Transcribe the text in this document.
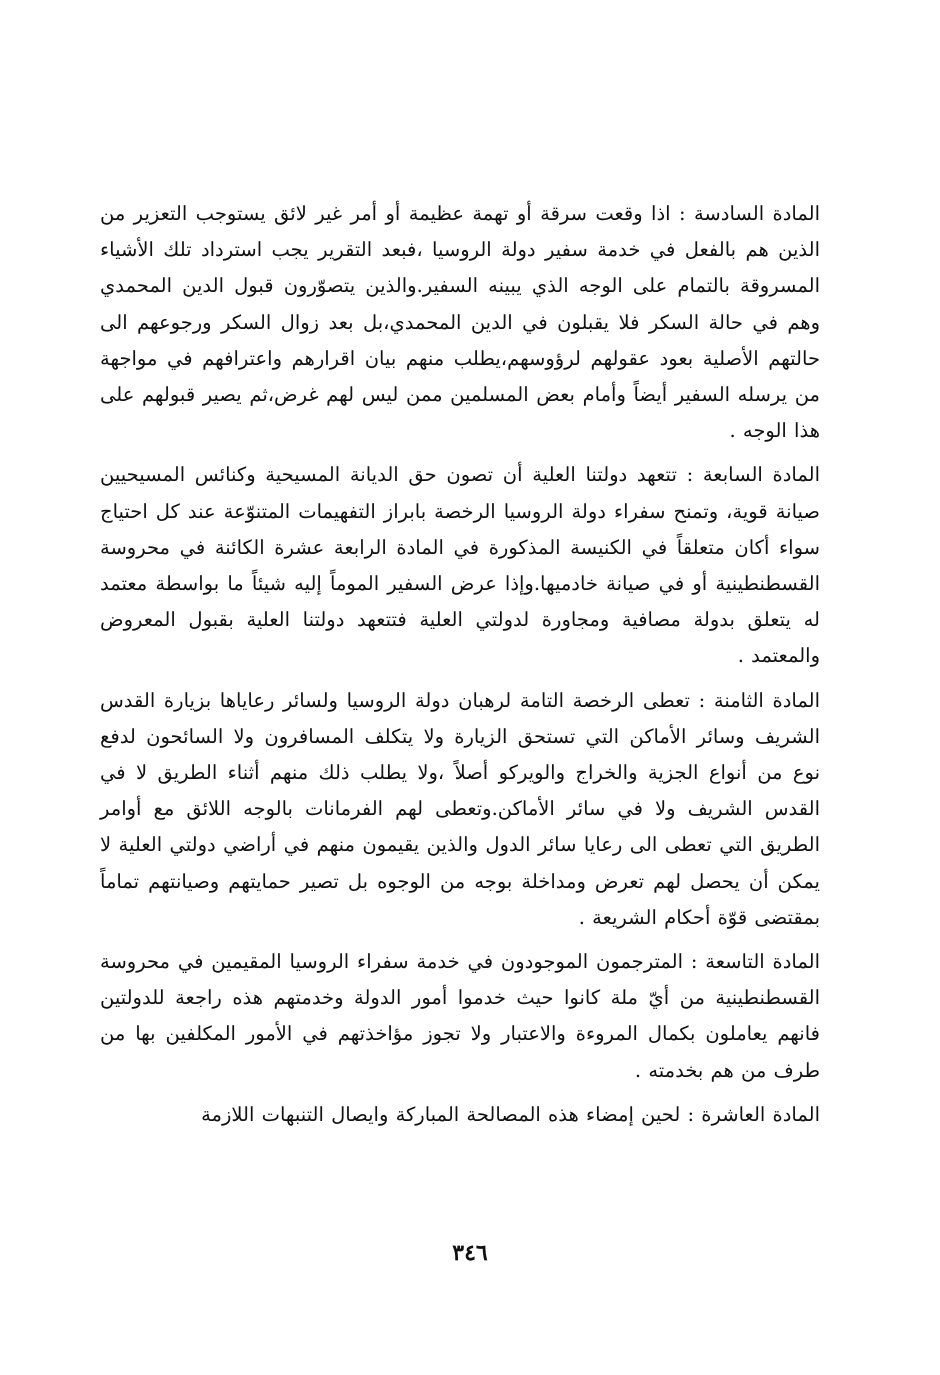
المادة السادسة : اذا وقعت سرقة أو تهمة عظيمة أو أمر غير لائق يستوجب التعزير من الذين هم بالفعل في خدمة سفير دولة الروسيا ،فبعد التقرير يجب استرداد تلك الأشياء المسروقة بالتمام على الوجه الذي يبينه السفير.والذين يتصوّرون قبول الدين المحمدي وهم في حالة السكر فلا يقبلون في الدين المحمدي،بل بعد زوال السكر ورجوعهم الى حالتهم الأصلية بعود عقولهم لرؤوسهم،يطلب منهم بيان اقرارهم واعترافهم في مواجهة من يرسله السفير أيضاً وأمام بعض المسلمين ممن ليس لهم غرض،ثم يصير قبولهم على هذا الوجه .

المادة السابعة : تتعهد دولتنا العلية أن تصون حق الديانة المسيحية وكنائس المسيحيين صيانة قوية، وتمنح سفراء دولة الروسيا الرخصة بابراز التفهيمات المتنوّعة عند كل احتياج سواء أكان متعلقاً في الكنيسة المذكورة في المادة الرابعة عشرة الكائنة في محروسة القسطنطينية أو في صيانة خادميها.وإذا عرض السفير الموماً إليه شيئاً ما بواسطة معتمد له يتعلق بدولة مصافية ومجاورة لدولتي العلية فتتعهد دولتنا العلية بقبول المعروض والمعتمد .

المادة الثامنة : تعطى الرخصة التامة لرهبان دولة الروسيا ولسائر رعاياها بزيارة القدس الشريف وسائر الأماكن التي تستحق الزيارة ولا يتكلف المسافرون ولا السائحون لدفع نوع من أنواع الجزية والخراج والويركو أصلاً ،ولا يطلب ذلك منهم أثناء الطريق لا في القدس الشريف ولا في سائر الأماكن.وتعطى لهم الفرمانات بالوجه اللائق مع أوامر الطريق التي تعطى الى رعايا سائر الدول والذين يقيمون منهم في أراضي دولتي العلية لا يمكن أن يحصل لهم تعرض ومداخلة بوجه من الوجوه بل تصير حمايتهم وصيانتهم تماماً بمقتضى قوّة أحكام الشريعة .

المادة التاسعة : المترجمون الموجودون في خدمة سفراء الروسيا المقيمين في محروسة القسطنطينية من أيّ ملة كانوا حيث خدموا أمور الدولة وخدمتهم هذه راجعة للدولتين فانهم يعاملون بكمال المروءة والاعتبار ولا تجوز مؤاخذتهم في الأمور المكلفين بها من طرف من هم بخدمته .

المادة العاشرة : لحين إمضاء هذه المصالحة المباركة وايصال التنبهات اللازمة

٣٤٦
